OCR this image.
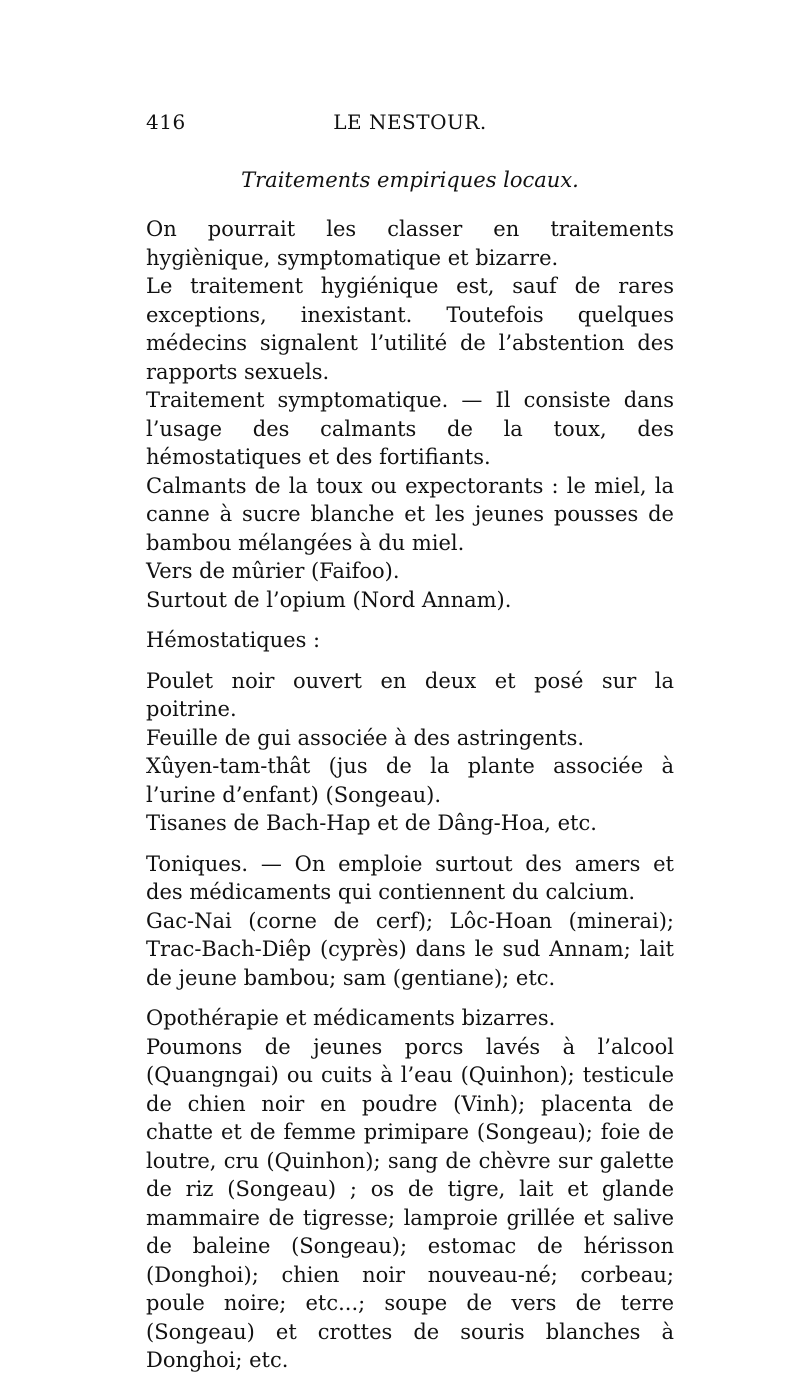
416	LE NESTOUR.
Traitements empiriques locaux.

On pourrait les classer en traitements hygiènique, symptomatique et bizarre.

Le traitement hygiénique est, sauf de rares exceptions, inexistant. Toutefois quelques médecins signalent l’utilité de l’abstention des rapports sexuels.

Traitement symptomatique. — Il consiste dans l’usage des calmants de la toux, des hémostatiques et des fortifiants.

Calmants de la toux ou expectorants : le miel, la canne à sucre blanche et les jeunes pousses de bambou mélangées à du miel.

Vers de mûrier (Faifoo).

Surtout de l’opium (Nord Annam).

Hémostatiques :

Poulet noir ouvert en deux et posé sur la poitrine.

Feuille de gui associée à des astringents.

Xûyen-tam-thât (jus de la plante associée à l’urine d’enfant) (Songeau).

Tisanes de Bach-Hap et de Dâng-Hoa, etc.

Toniques. — On emploie surtout des amers et des médicaments qui contiennent du calcium.

Gac-Nai (corne de cerf); Lôc-Hoan (minerai); Trac-Bach-Diêp (cyprès) dans le sud Annam; lait de jeune bambou; sam (gentiane); etc.

Opothérapie et médicaments bizarres.

Poumons de jeunes porcs lavés à l’alcool (Quangngai) ou cuits à l’eau (Quinhon); testicule de chien noir en poudre (Vinh); placenta de chatte et de femme primipare (Songeau); foie de loutre, cru (Quinhon); sang de chèvre sur galette de riz (Songeau) ; os de tigre, lait et glande mammaire de tigresse; lamproie grillée et salive de baleine (Songeau); estomac de hérisson (Donghoi); chien noir nouveau-né; corbeau; poule noire; etc...; soupe de vers de terre (Songeau) et crottes de souris blanches à Donghoi; etc.
